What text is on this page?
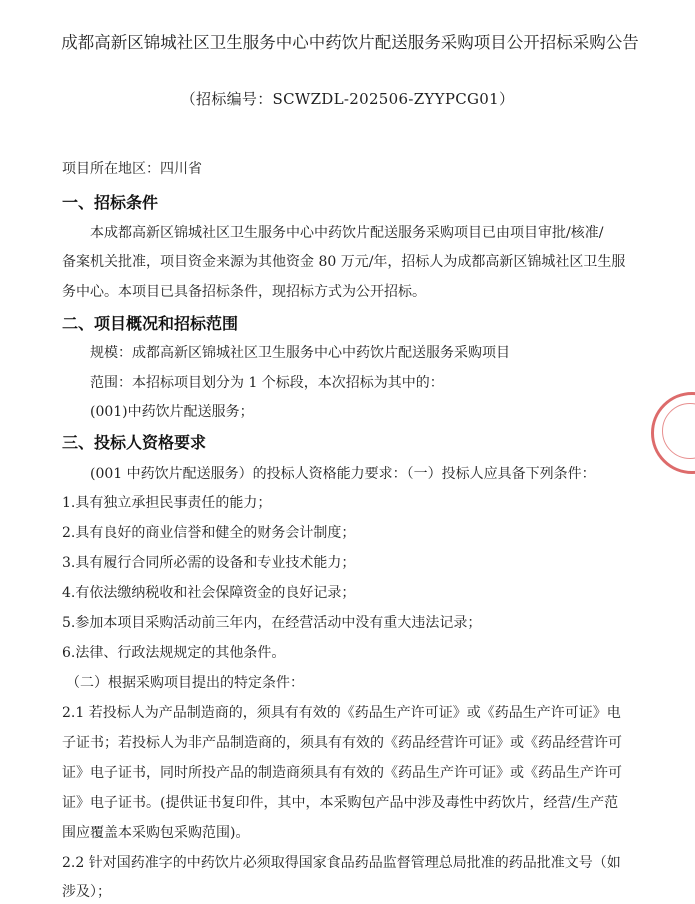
成都高新区锦城社区卫生服务中心中药饮片配送服务采购项目公开招标采购公告
（招标编号：SCWZDL-202506-ZYYPCG01）
项目所在地区：四川省
一、招标条件
本成都高新区锦城社区卫生服务中心中药饮片配送服务采购项目已由项目审批/核准/
备案机关批准，项目资金来源为其他资金 80 万元/年，招标人为成都高新区锦城社区卫生服
务中心。本项目已具备招标条件，现招标方式为公开招标。
二、项目概况和招标范围
规模：成都高新区锦城社区卫生服务中心中药饮片配送服务采购项目
范围：本招标项目划分为 1 个标段，本次招标为其中的：
(001)中药饮片配送服务；
三、投标人资格要求
(001 中药饮片配送服务）的投标人资格能力要求：（一）投标人应具备下列条件：
1.具有独立承担民事责任的能力；
2.具有良好的商业信誉和健全的财务会计制度；
3.具有履行合同所必需的设备和专业技术能力；
4.有依法缴纳税收和社会保障资金的良好记录；
5.参加本项目采购活动前三年内，在经营活动中没有重大违法记录；
6.法律、行政法规规定的其他条件。
（二）根据采购项目提出的特定条件：
2.1 若投标人为产品制造商的，须具有有效的《药品生产许可证》或《药品生产许可证》电
子证书；若投标人为非产品制造商的，须具有有效的《药品经营许可证》或《药品经营许可
证》电子证书，同时所投产品的制造商须具有有效的《药品生产许可证》或《药品生产许可
证》电子证书。(提供证书复印件，其中，本采购包产品中涉及毒性中药饮片，经营/生产范
围应覆盖本采购包采购范围)。
2.2 针对国药准字的中药饮片必须取得国家食品药品监督管理总局批准的药品批准文号（如
涉及）；
